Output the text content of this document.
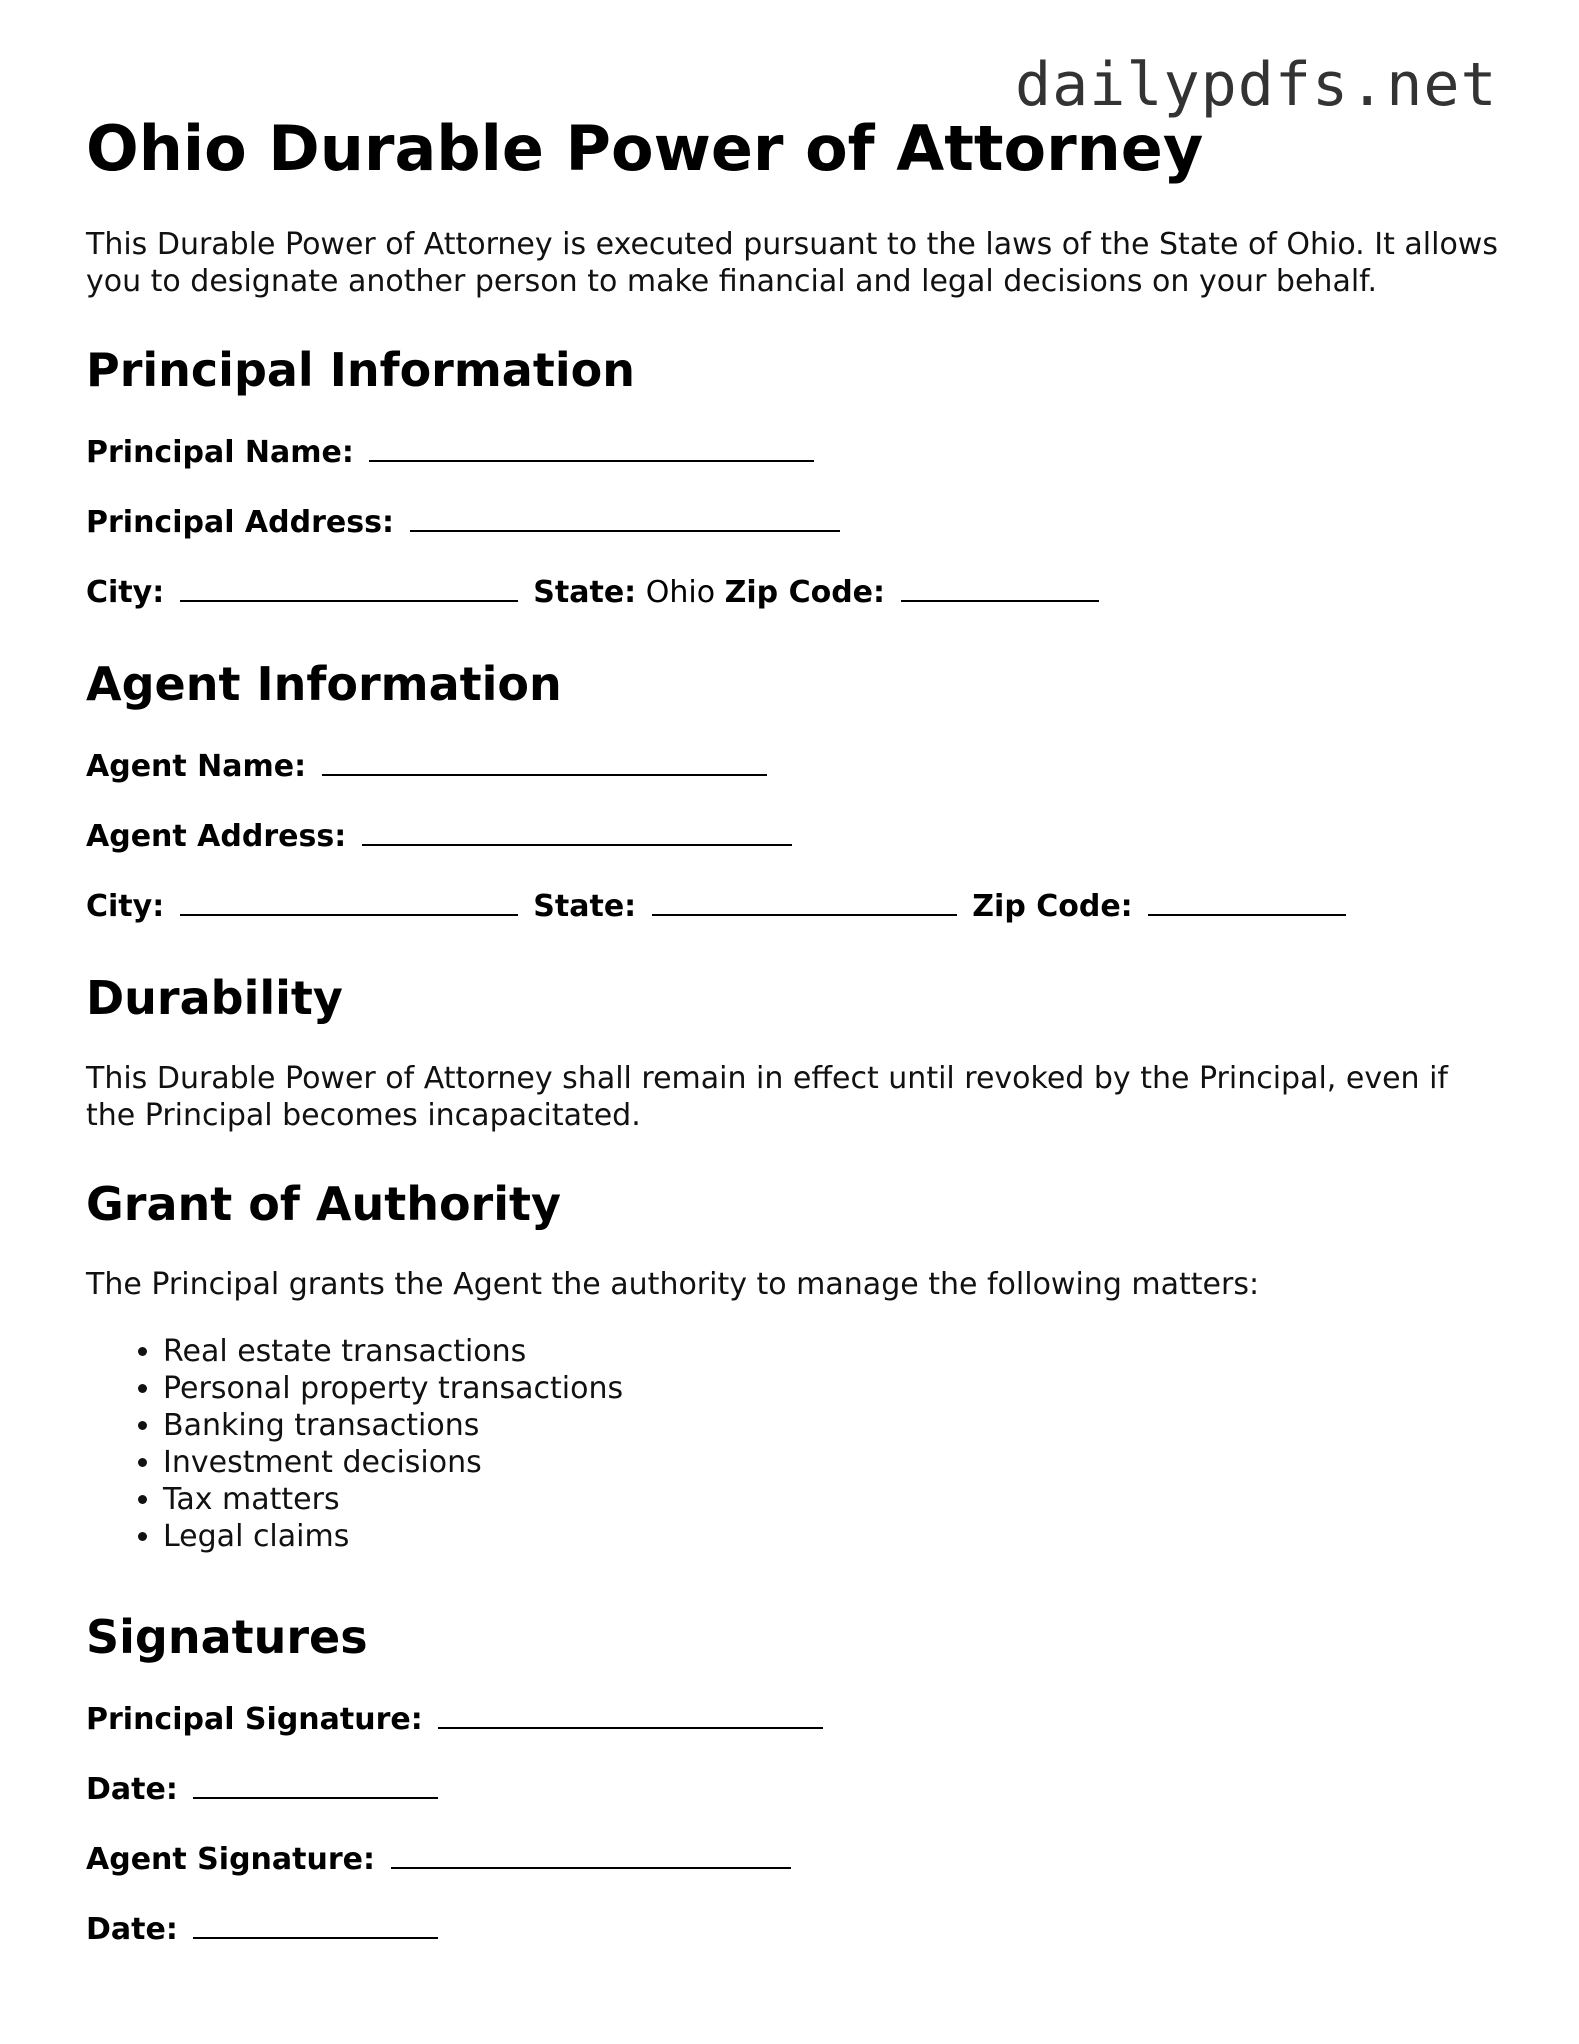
dailypdfs.net
Ohio Durable Power of Attorney

This Durable Power of Attorney is executed pursuant to the laws of the State of Ohio. It allows you to designate another person to make financial and legal decisions on your behalf.

Principal Information
Principal Name:
Principal Address:
City:	State: Ohio Zip Code:
Agent Information
Agent Name:
Agent Address:
City:	State:	Zip Code:
Durability

This Durable Power of Attorney shall remain in effect until revoked by the Principal, even if the Principal becomes incapacitated.

Grant of Authority

The Principal grants the Agent the authority to manage the following matters:

• Real estate transactions
• Personal property transactions
• Banking transactions
• Investment decisions
• Tax matters
• Legal claims
Signatures
Principal Signature:
Date:
Agent Signature:
Date:
